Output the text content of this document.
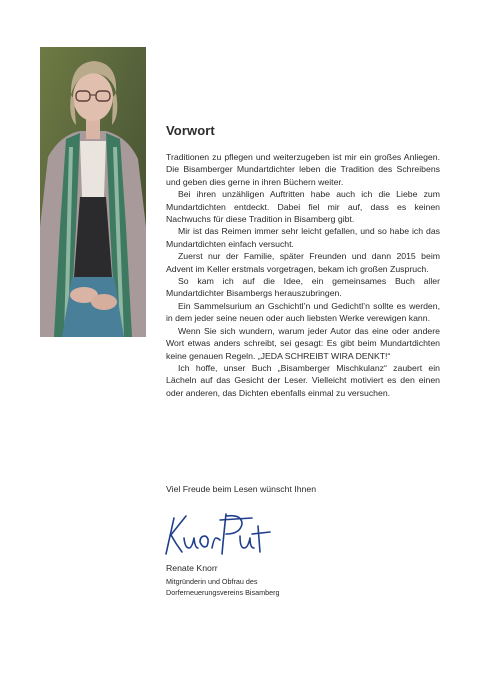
Vorwort

Traditionen zu pflegen und weiterzugeben ist mir ein großes Anliegen. Die Bisamberger Mundartdichter leben die Tradition des Schreibens und geben dies gerne in ihren Büchern weiter.

Bei ihren unzähligen Auftritten habe auch ich die Liebe zum Mundartdichten entdeckt. Dabei fiel mir auf, dass es keinen Nachwuchs für diese Tradition in Bisamberg gibt.

Mir ist das Reimen immer sehr leicht gefallen, und so habe ich das Mundartdichten einfach versucht.

Zuerst nur der Familie, später Freunden und dann 2015 beim Advent im Keller erstmals vorgetragen, bekam ich großen Zuspruch.

So kam ich auf die Idee, ein gemeinsames Buch aller Mundartdichter Bisambergs herauszubringen.

Ein Sammelsurium an Gschichtl’n und Gedichtl’n sollte es werden, in dem jeder seine neuen oder auch liebsten Werke verewigen kann.

Wenn Sie sich wundern, warum jeder Autor das eine oder andere Wort etwas anders schreibt, sei gesagt: Es gibt beim Mundartdichten keine genauen Regeln. „JEDA SCHREIBT WIRA DENKT!“

Ich hoffe, unser Buch „Bisamberger Mischkulanz“ zaubert ein Lächeln auf das Gesicht der Leser. Vielleicht motiviert es den einen oder anderen, das Dichten ebenfalls einmal zu versuchen.

Viel Freude beim Lesen wünscht Ihnen
Renate Knorr
Mitgründerin und Obfrau des
Dorferneuerungsvereins Bisamberg
